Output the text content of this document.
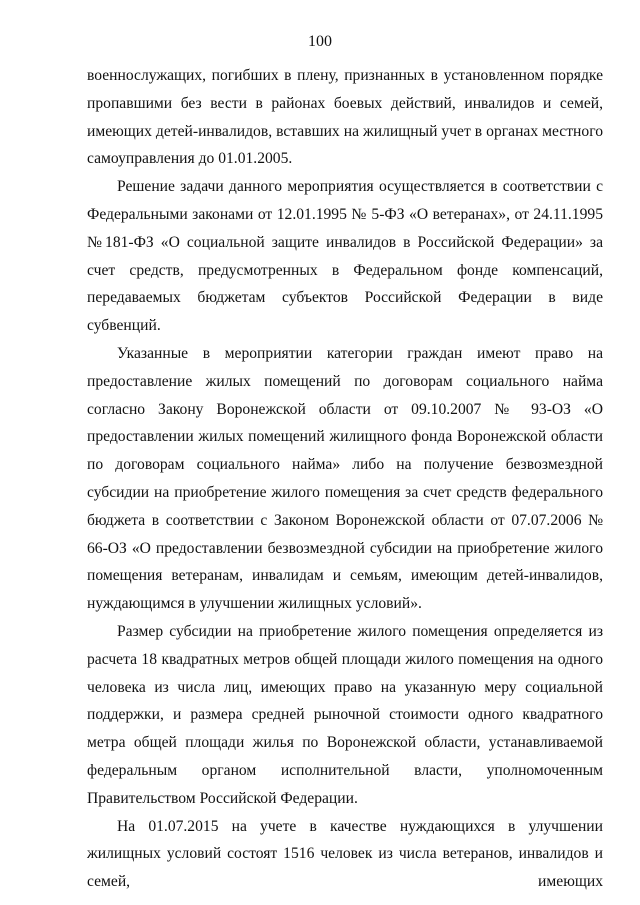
100

военнослужащих, погибших в плену, признанных в установленном порядке пропавшими без вести в районах боевых действий, инвалидов и семей, имеющих детей-инвалидов, вставших на жилищный учет в органах местного самоуправления до 01.01.2005.

Решение задачи данного мероприятия осуществляется в соответствии с Федеральными законами от 12.01.1995 № 5-ФЗ «О ветеранах», от 24.11.1995 №181-ФЗ «О социальной защите инвалидов в Российской Федерации» за счет средств, предусмотренных в Федеральном фонде компенсаций, передаваемых бюджетам субъектов Российской Федерации в виде субвенций.

Указанные в мероприятии категории граждан имеют право на предоставление жилых помещений по договорам социального найма согласно Закону Воронежской области от 09.10.2007 № 93-ОЗ «О предоставлении жилых помещений жилищного фонда Воронежской области по договорам социального найма» либо на получение безвозмездной субсидии на приобретение жилого помещения за счет средств федерального бюджета в соответствии с Законом Воронежской области от 07.07.2006 № 66-ОЗ «О предоставлении безвозмездной субсидии на приобретение жилого помещения ветеранам, инвалидам и семьям, имеющим детей-инвалидов, нуждающимся в улучшении жилищных условий».

Размер субсидии на приобретение жилого помещения определяется из расчета 18 квадратных метров общей площади жилого помещения на одного человека из числа лиц, имеющих право на указанную меру социальной поддержки, и размера средней рыночной стоимости одного квадратного метра общей площади жилья по Воронежской области, устанавливаемой федеральным органом исполнительной власти, уполномоченным Правительством Российской Федерации.

На 01.07.2015 на учете в качестве нуждающихся в улучшении жилищных условий состоят 1516 человек из числа ветеранов, инвалидов и семей, имеющих
